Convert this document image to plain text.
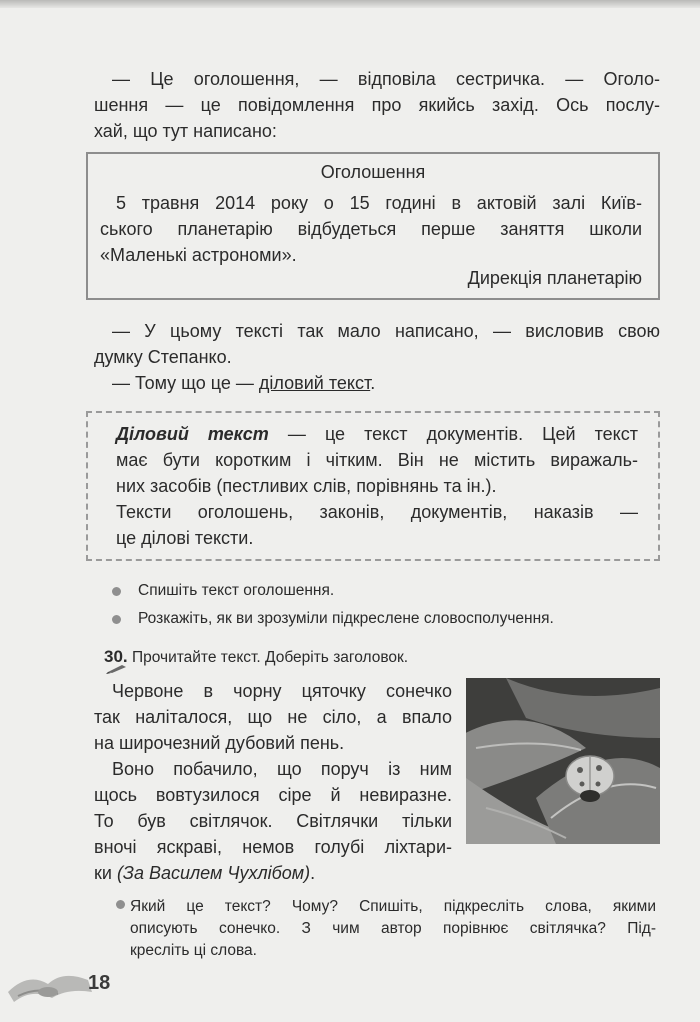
— Це оголошення, — відповіла сестричка. — Оголо-
шення — це повідомлення про якийсь захід. Ось послу-
хай, що тут написано:
Оголошення
5 травня 2014 року о 15 годині в актовій залі Київ-
ського планетарію відбудеться перше заняття школи
«Маленькі астрономи».
Дирекція планетарію
— У цьому тексті так мало написано, — висловив свою
думку Степанко.
— Тому що це — діловий текст.
Діловий текст — це текст документів. Цей текст
має бути коротким і чітким. Він не містить виражаль-
них засобів (пестливих слів, порівнянь та ін.).
Тексти оголошень, законів, документів, наказів —
це ділові тексти.
Спишіть текст оголошення.
Розкажіть, як ви зрозуміли підкреслене словосполучення.
30. Прочитайте текст. Доберіть заголовок.
Червоне в чорну цяточку сонечко
так наліталося, що не сіло, а впало
на широчезний дубовий пень.
Воно побачило, що поруч із ним
щось вовтузилося сіре й невиразне.
То був світлячок. Світлячки тільки
вночі яскраві, немов голубі ліхтари-
ки (За Василем Чухлібом).
Який це текст? Чому? Спишіть, підкресліть слова, якими
описують сонечко. З чим автор порівнює світлячка? Під-
кресліть ці слова.
18
